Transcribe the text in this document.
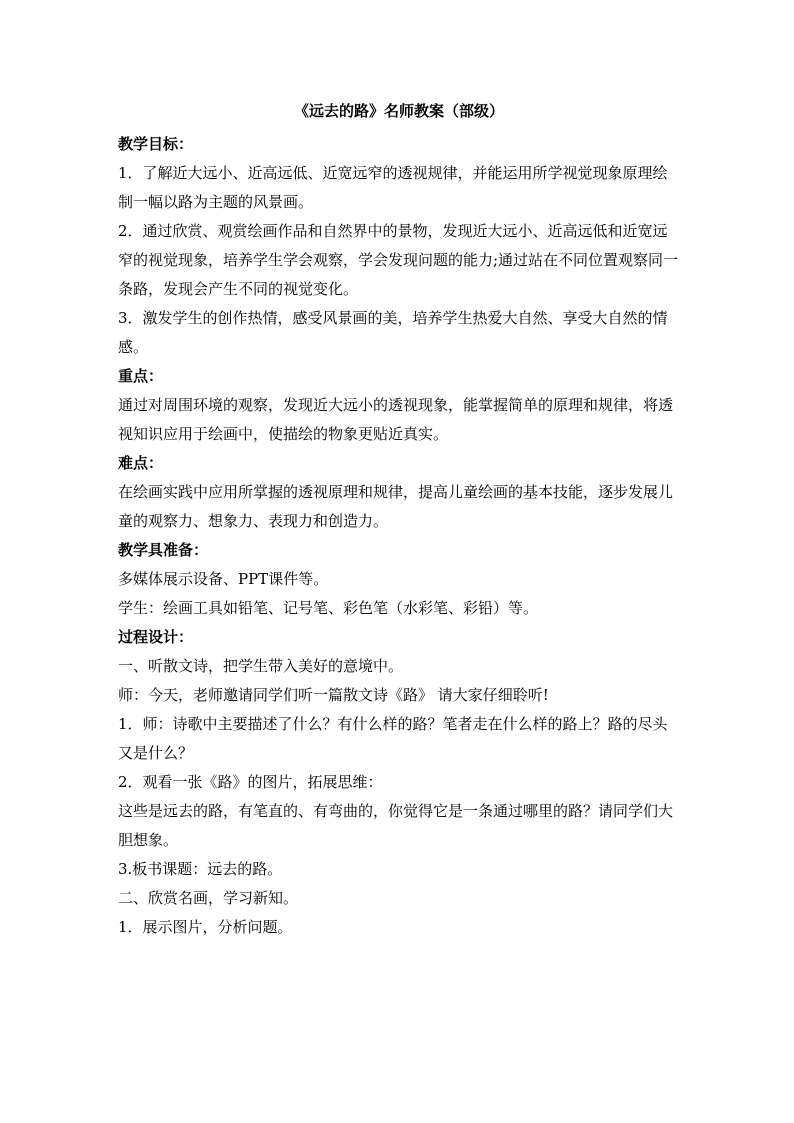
《远去的路》名师教案（部级）

教学目标：

1．了解近大远小、近高远低、近宽远窄的透视规律，并能运用所学视觉现象原理绘制一幅以路为主题的风景画。

2．通过欣赏、观赏绘画作品和自然界中的景物，发现近大远小、近高远低和近宽远窄的视觉现象，培养学生学会观察，学会发现问题的能力;通过站在不同位置观察同一条路，发现会产生不同的视觉变化。

3．激发学生的创作热情，感受风景画的美，培养学生热爱大自然、享受大自然的情感。

重点：

通过对周围环境的观察，发现近大远小的透视现象，能掌握简单的原理和规律，将透视知识应用于绘画中，使描绘的物象更贴近真实。

难点：

在绘画实践中应用所掌握的透视原理和规律，提高儿童绘画的基本技能，逐步发展儿童的观察力、想象力、表现力和创造力。

教学具准备：

多媒体展示设备、PPT课件等。

学生：绘画工具如铅笔、记号笔、彩色笔（水彩笔、彩铅）等。

过程设计：

一、听散文诗，把学生带入美好的意境中。

师：今天，老师邀请同学们听一篇散文诗《路》 请大家仔细聆听!

1．师：诗歌中主要描述了什么？有什么样的路？笔者走在什么样的路上？路的尽头又是什么？

2．观看一张《路》的图片，拓展思维：

这些是远去的路，有笔直的、有弯曲的，你觉得它是一条通过哪里的路？请同学们大胆想象。

3.板书课题：远去的路。

二、欣赏名画，学习新知。

1．展示图片，分析问题。
